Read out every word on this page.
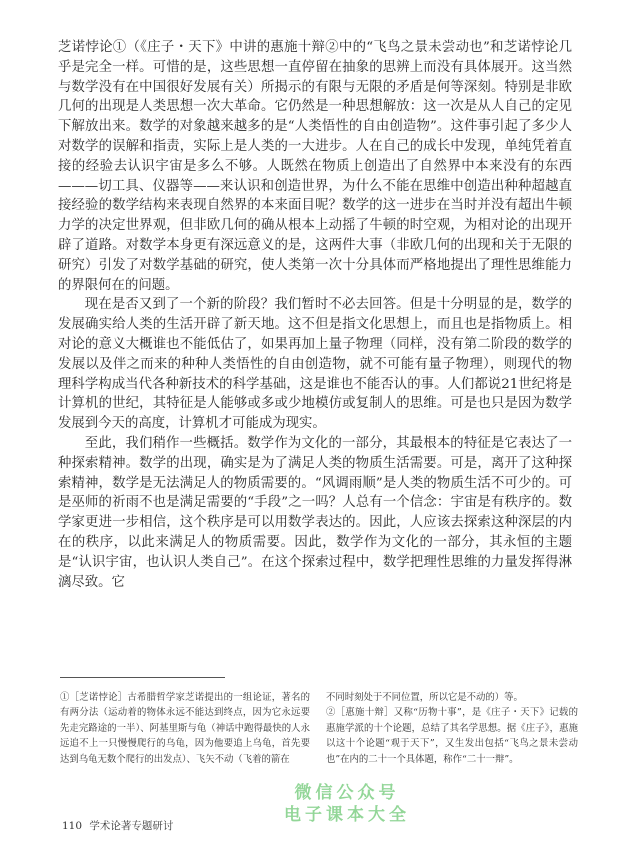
芝诺悖论①（《庄子・天下》中讲的惠施十辩②中的“飞鸟之景未尝动也”和芝诺悖论几乎是完全一样。可惜的是，这些思想一直停留在抽象的思辨上而没有具体展开。这当然与数学没有在中国很好发展有关）所揭示的有限与无限的矛盾是何等深刻。特别是非欧几何的出现是人类思想一次大革命。它仍然是一种思想解放：这一次是从人自己的定见下解放出来。数学的对象越来越多的是“人类悟性的自由创造物”。这件事引起了多少人对数学的误解和指责，实际上是人类的一大进步。人在自己的成长中发现，单纯凭着直接的经验去认识宇宙是多么不够。人既然在物质上创造出了自然界中本来没有的东西———切工具、仪器等——来认识和创造世界，为什么不能在思维中创造出种种超越直接经验的数学结构来表现自然界的本来面目呢？数学的这一进步在当时并没有超出牛顿力学的决定世界观，但非欧几何的确从根本上动摇了牛顿的时空观，为相对论的出现开辟了道路。对数学本身更有深远意义的是，这两件大事（非欧几何的出现和关于无限的研究）引发了对数学基础的研究，使人类第一次十分具体而严格地提出了理性思维能力的界限何在的问题。

现在是否又到了一个新的阶段？我们暂时不必去回答。但是十分明显的是，数学的发展确实给人类的生活开辟了新天地。这不但是指文化思想上，而且也是指物质上。相对论的意义大概谁也不能低估了，如果再加上量子物理（同样，没有第二阶段的数学的发展以及伴之而来的种种人类悟性的自由创造物，就不可能有量子物理），则现代的物理科学构成当代各种新技术的科学基础，这是谁也不能否认的事。人们都说21世纪将是计算机的世纪，其特征是人能够或多或少地模仿或复制人的思维。可是也只是因为数学发展到今天的高度，计算机才可能成为现实。

至此，我们稍作一些概括。数学作为文化的一部分，其最根本的特征是它表达了一种探索精神。数学的出现，确实是为了满足人类的物质生活需要。可是，离开了这种探索精神，数学是无法满足人的物质需要的。“风调雨顺”是人类的物质生活不可少的。可是巫师的祈雨不也是满足需要的“手段”之一吗？人总有一个信念：宇宙是有秩序的。数学家更进一步相信，这个秩序是可以用数学表达的。因此，人应该去探索这种深层的内在的秩序，以此来满足人的物质需要。因此，数学作为文化的一部分，其永恒的主题是“认识宇宙，也认识人类自己”。在这个探索过程中，数学把理性思维的力量发挥得淋漓尽致。它

①［芝诺悖论］古希腊哲学家芝诺提出的一组论证，著名的有两分法（运动着的物体永远不能达到终点，因为它永远要先走完路途的一半）、阿基里斯与龟（神话中跑得最快的人永远追不上一只慢慢爬行的乌龟，因为他要追上乌龟，首先要达到乌龟无数个爬行的出发点）、飞矢不动（飞着的箭在
不同时刻处于不同位置，所以它是不动的）等。
②［惠施十辩］又称“历物十事”，是《庄子・天下》记载的惠施学派的十个论题，总结了其名学思想。据《庄子》，惠施以这十个论题“观于天下”，又生发出包括“飞鸟之景未尝动也”在内的二十一个具体题，称作“二十一辩”。
110 学术论著专题研讨
微信公众号
电子课本大全
